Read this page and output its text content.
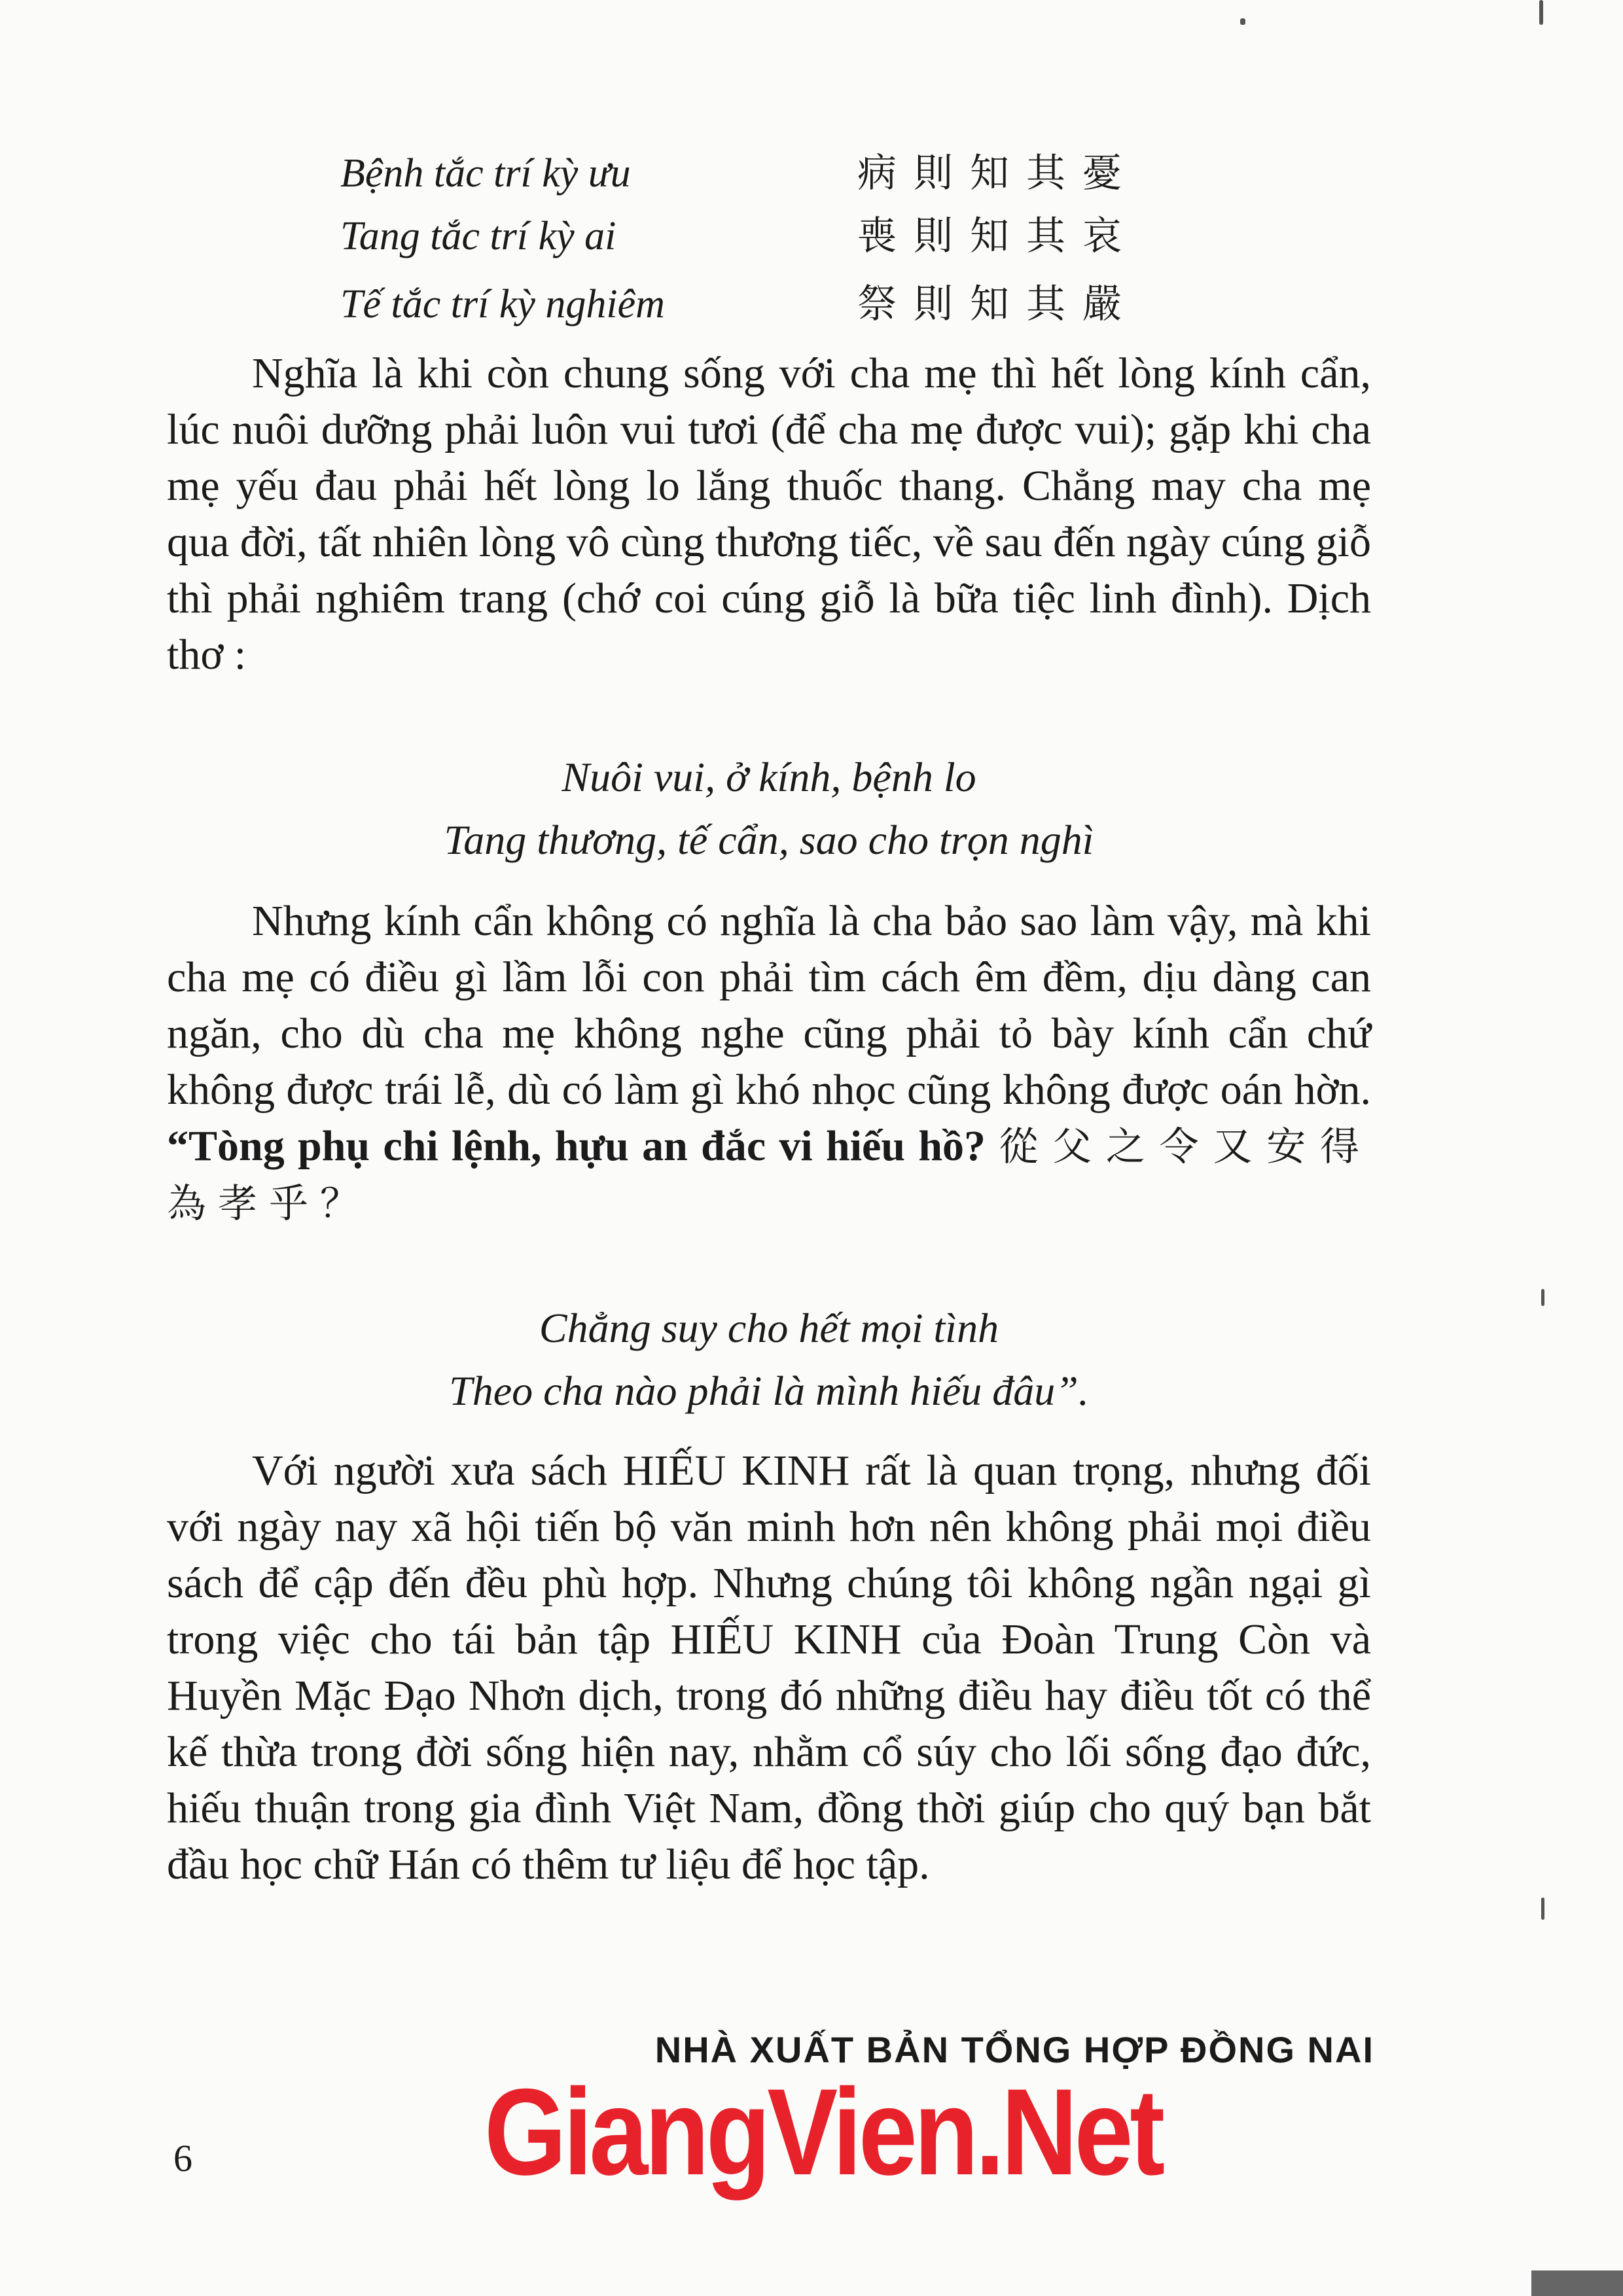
Bệnh tắc trí kỳ ưu	病則知其憂
Tang tắc trí kỳ ai	喪則知其哀
Tế tắc trí kỳ nghiêm	祭則知其嚴

Nghĩa là khi còn chung sống với cha mẹ thì hết lòng kính cẩn, lúc nuôi dưỡng phải luôn vui tươi (để cha mẹ được vui); gặp khi cha mẹ yếu đau phải hết lòng lo lắng thuốc thang. Chẳng may cha mẹ qua đời, tất nhiên lòng vô cùng thương tiếc, về sau đến ngày cúng giỗ thì phải nghiêm trang (chớ coi cúng giỗ là bữa tiệc linh đình). Dịch thơ :

Nuôi vui, ở kính, bệnh lo
Tang thương, tế cẩn, sao cho trọn nghì

Nhưng kính cẩn không có nghĩa là cha bảo sao làm vậy, mà khi cha mẹ có điều gì lầm lỗi con phải tìm cách êm đềm, dịu dàng can ngăn, cho dù cha mẹ không nghe cũng phải tỏ bày kính cẩn chứ không được trái lễ, dù có làm gì khó nhọc cũng không được oán hờn. “Tòng phụ chi lệnh, hựu an đắc vi hiếu hồ? 從父之令又安得為孝乎？

Chẳng suy cho hết mọi tình
Theo cha nào phải là mình hiếu đâu”.

Với người xưa sách HIẾU KINH rất là quan trọng, nhưng đối với ngày nay xã hội tiến bộ văn minh hơn nên không phải mọi điều sách để cập đến đều phù hợp. Nhưng chúng tôi không ngần ngại gì trong việc cho tái bản tập HIẾU KINH của Đoàn Trung Còn và Huyền Mặc Đạo Nhơn dịch, trong đó những điều hay điều tốt có thể kế thừa trong đời sống hiện nay, nhằm cổ súy cho lối sống đạo đức, hiếu thuận trong gia đình Việt Nam, đồng thời giúp cho quý bạn bắt đầu học chữ Hán có thêm tư liệu để học tập.

NHÀ XUẤT BẢN TỔNG HỢP ĐỒNG NAI
6 GiangVien.Net
